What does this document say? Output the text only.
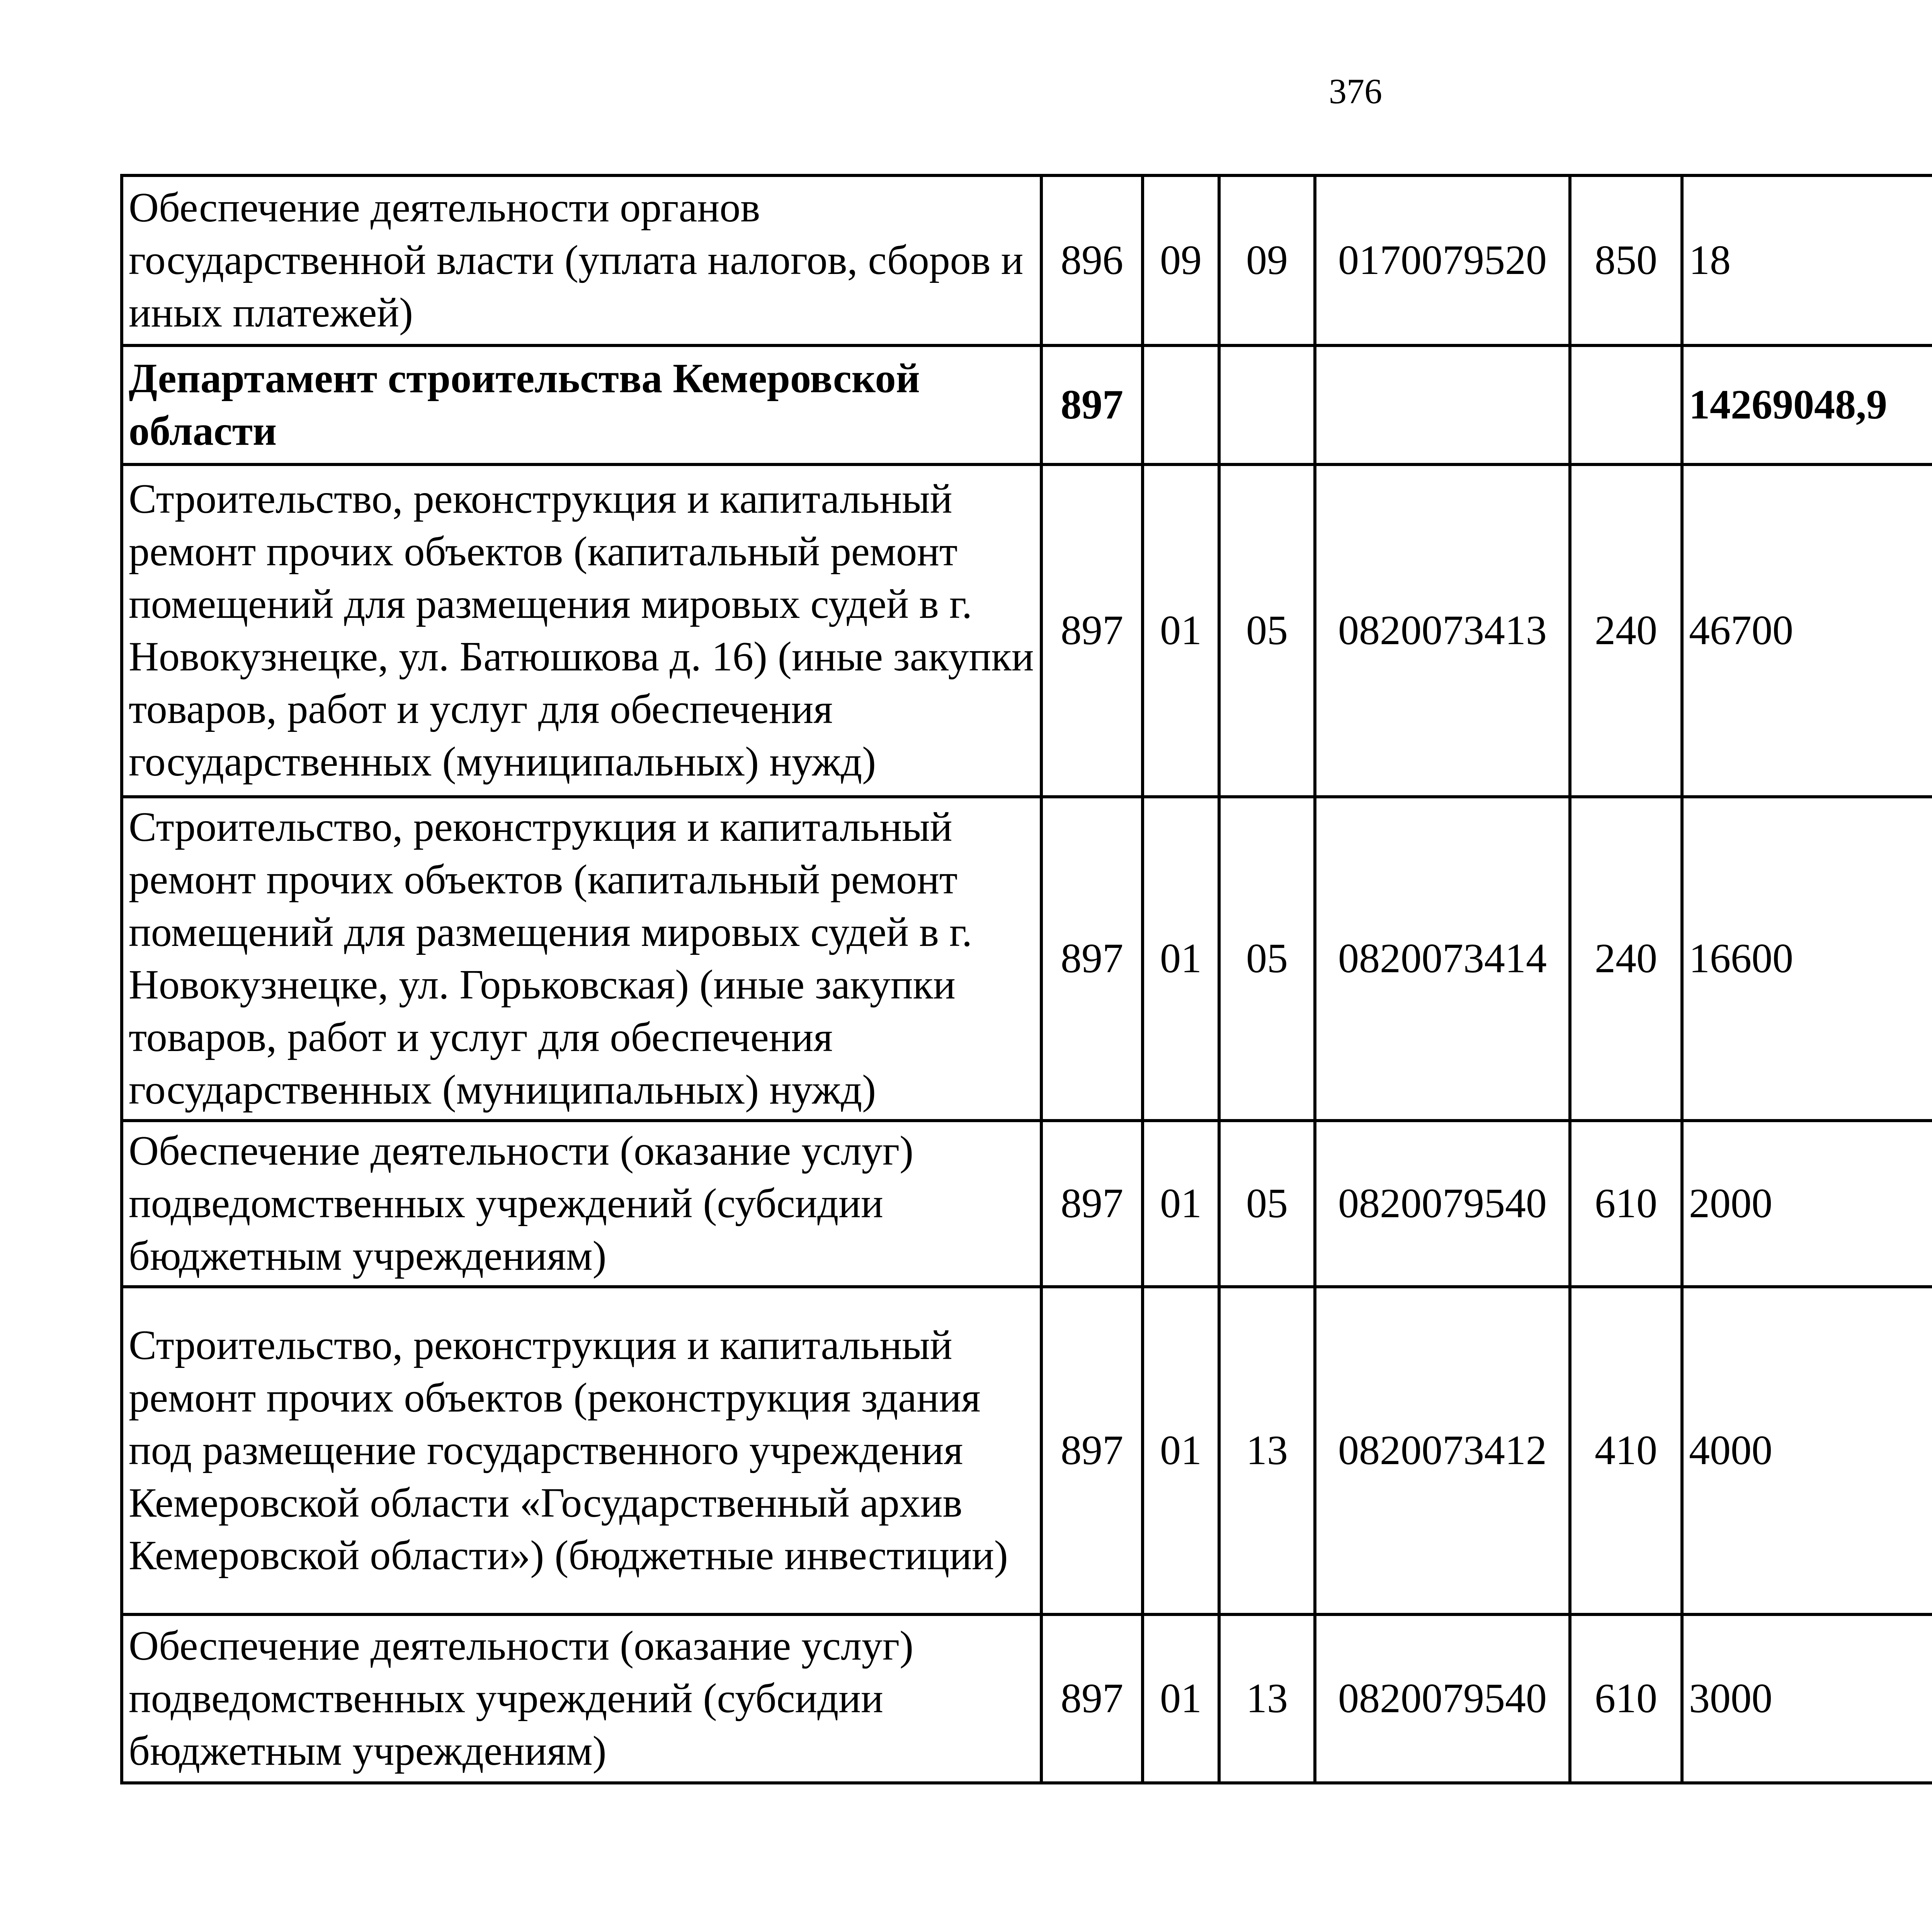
376
Обеспечение деятельности органов государственной власти (уплата налогов, сборов и иных платежей)	896	09	09	0170079520	850	18		
Департамент строительства Кемеровской области	897					14269048,9		
Строительство, реконструкция и капитальный ремонт прочих объектов (капитальный ремонт помещений для размещения мировых судей в г. Новокузнецке, ул. Батюшкова д. 16) (иные закупки товаров, работ и услуг для обеспечения государственных (муниципальных) нужд)	897	01	05	0820073413	240	46700		
Строительство, реконструкция и капитальный ремонт прочих объектов (капитальный ремонт помещений для размещения мировых судей в г. Новокузнецке, ул. Горьковская) (иные закупки товаров, работ и услуг для обеспечения государственных (муниципальных) нужд)	897	01	05	0820073414	240	16600		
Обеспечение деятельности (оказание услуг) подведомственных учреждений (субсидии бюджетным учреждениям)	897	01	05	0820079540	610	2000		
Строительство, реконструкция и капитальный ремонт прочих объектов (реконструкция здания под размещение государственного учреждения Кемеровской области «Государственный архив Кемеровской области») (бюджетные инвестиции)	897	01	13	0820073412	410	4000		
Обеспечение деятельности (оказание услуг) подведомственных учреждений (субсидии бюджетным учреждениям)	897	01	13	0820079540	610	3000		
